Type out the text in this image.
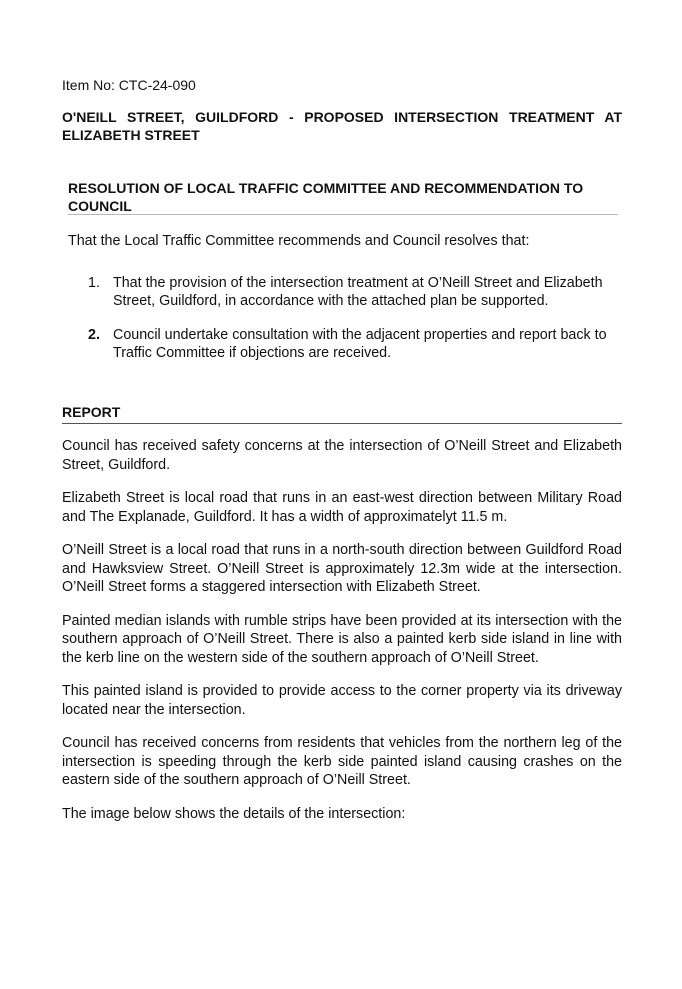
Item No: CTC-24-090
O'NEILL STREET, GUILDFORD - PROPOSED INTERSECTION TREATMENT AT ELIZABETH STREET
RESOLUTION OF LOCAL TRAFFIC COMMITTEE AND RECOMMENDATION TO COUNCIL
That the Local Traffic Committee recommends and Council resolves that:
1. That the provision of the intersection treatment at O’Neill Street and Elizabeth Street, Guildford, in accordance with the attached plan be supported.
2. Council undertake consultation with the adjacent properties and report back to Traffic Committee if objections are received.
REPORT

Council has received safety concerns at the intersection of O’Neill Street and Elizabeth Street, Guildford.

Elizabeth Street is local road that runs in an east-west direction between Military Road and The Explanade, Guildford. It has a width of approximatelyt 11.5 m.

O’Neill Street is a local road that runs in a north-south direction between Guildford Road and Hawksview Street. O’Neill Street is approximately 12.3m wide at the intersection. O’Neill Street forms a staggered intersection with Elizabeth Street.

Painted median islands with rumble strips have been provided at its intersection with the southern approach of O’Neill Street. There is also a painted kerb side island in line with the kerb line on the western side of the southern approach of O’Neill Street.

This painted island is provided to provide access to the corner property via its driveway located near the intersection.

Council has received concerns from residents that vehicles from the northern leg of the intersection is speeding through the kerb side painted island causing crashes on the eastern side of the southern approach of O’Neill Street.

The image below shows the details of the intersection:
